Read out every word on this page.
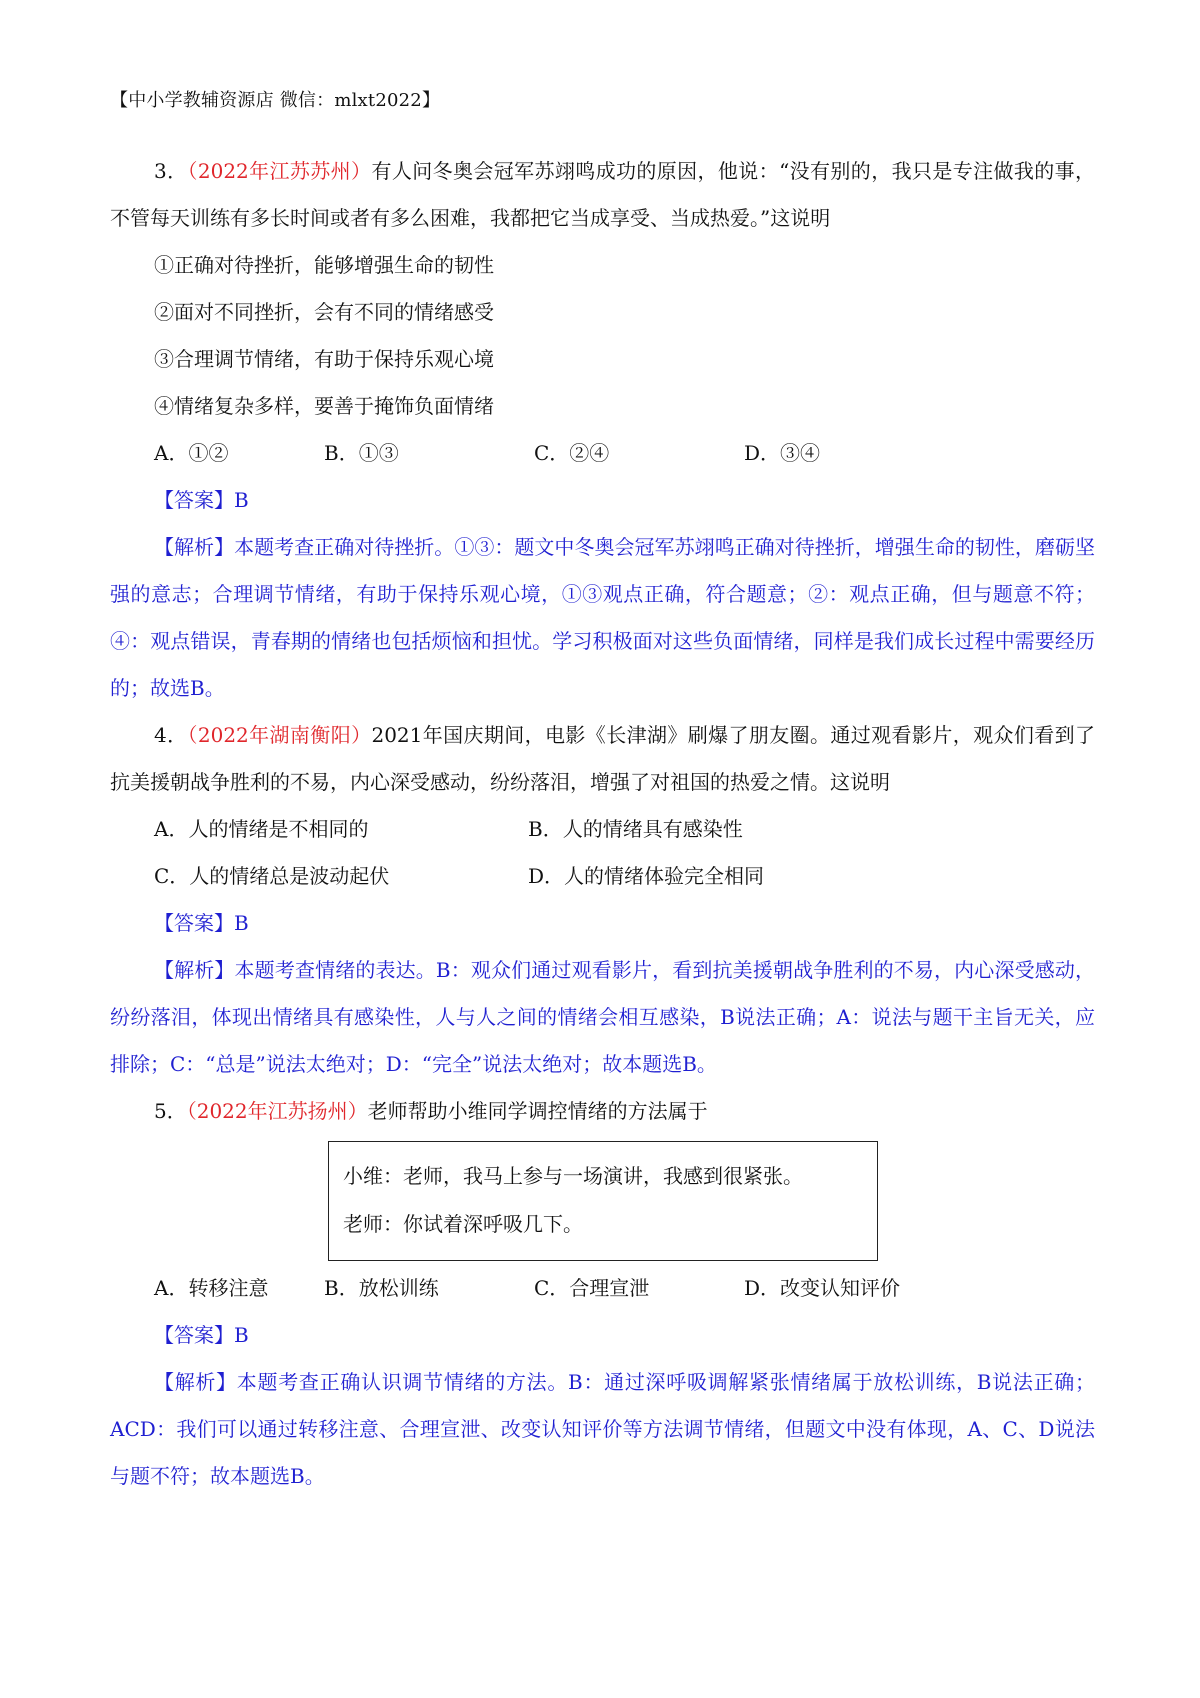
【中小学教辅资源店 微信：mlxt2022】

3．（2022年江苏苏州）有人问冬奥会冠军苏翊鸣成功的原因，他说：“没有别的，我只是专注做我的事，不管每天训练有多长时间或者有多么困难，我都把它当成享受、当成热爱。”这说明

①正确对待挫折，能够增强生命的韧性

②面对不同挫折，会有不同的情绪感受

③合理调节情绪，有助于保持乐观心境

④情绪复杂多样，要善于掩饰负面情绪

A．①②	B．①③	C．②④	D．③④

【答案】B

【解析】本题考查正确对待挫折。①③：题文中冬奥会冠军苏翊鸣正确对待挫折，增强生命的韧性，磨砺坚强的意志；合理调节情绪，有助于保持乐观心境，①③观点正确，符合题意；②：观点正确，但与题意不符；④：观点错误，青春期的情绪也包括烦恼和担忧。学习积极面对这些负面情绪，同样是我们成长过程中需要经历的；故选B。

4．（2022年湖南衡阳）2021年国庆期间，电影《长津湖》刷爆了朋友圈。通过观看影片，观众们看到了抗美援朝战争胜利的不易，内心深受感动，纷纷落泪，增强了对祖国的热爱之情。这说明

A．人的情绪是不相同的	B．人的情绪具有感染性
C．人的情绪总是波动起伏	D．人的情绪体验完全相同

【答案】B

【解析】本题考查情绪的表达。B：观众们通过观看影片，看到抗美援朝战争胜利的不易，内心深受感动，纷纷落泪，体现出情绪具有感染性，人与人之间的情绪会相互感染，B说法正确；A：说法与题干主旨无关，应排除；C：“总是”说法太绝对；D：“完全”说法太绝对；故本题选B。

5．（2022年江苏扬州）老师帮助小维同学调控情绪的方法属于

小维：老师，我马上参与一场演讲，我感到很紧张。

老师：你试着深呼吸几下。

A．转移注意	B．放松训练	C．合理宣泄	D．改变认知评价

【答案】B

【解析】本题考查正确认识调节情绪的方法。B：通过深呼吸调解紧张情绪属于放松训练，B说法正确；ACD：我们可以通过转移注意、合理宣泄、改变认知评价等方法调节情绪，但题文中没有体现，A、C、D说法与题不符；故本题选B。
